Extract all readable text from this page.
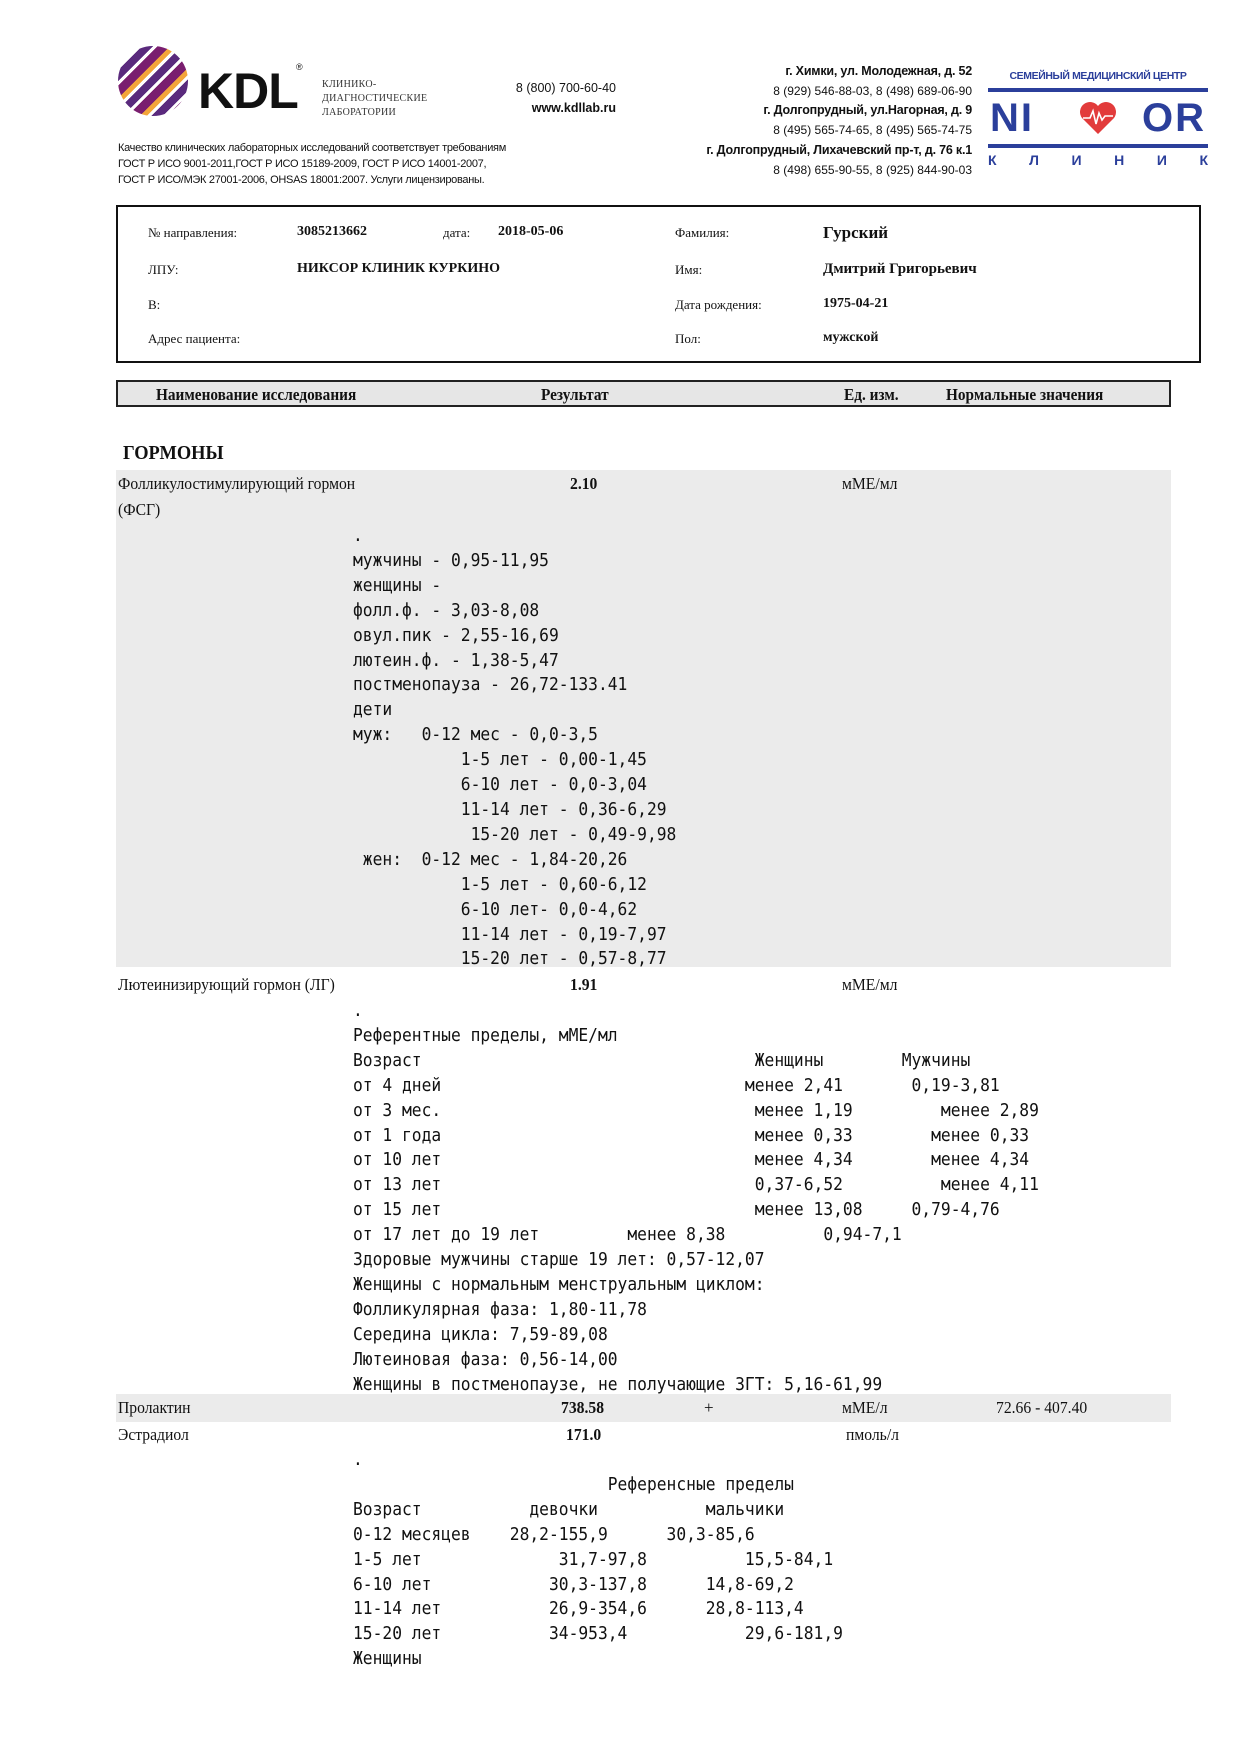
KDL
®
КЛИНИКО-
ДИАГНОСТИЧЕСКИЕ
ЛАБОРАТОРИИ
8 (800) 700-60-40
www.kdllab.ru
Качество клинических лабораторных исследований соответствует требованиям
ГОСТ Р ИСО 9001-2011,ГОСТ Р ИСО 15189-2009, ГОСТ Р ИСО 14001-2007,
ГОСТ Р ИСО/МЭК 27001-2006, OHSAS 18001:2007. Услуги лицензированы.
г. Химки, ул. Молодежная, д. 52
8 (929) 546-88-03, 8 (498) 689-06-90
г. Долгопрудный, ул.Нагорная, д. 9
8 (495) 565-74-65, 8 (495) 565-74-75
г. Долгопрудный, Лихачевский пр-т, д. 76 к.1
8 (498) 655-90-55, 8 (925) 844-90-03
СЕМЕЙНЫЙ МЕДИЦИНСКИЙ ЦЕНТР
NI	OR
К Л И Н И К
№ направления:	3085213662	дата: 2018-05-06
ЛПУ:	НИКСОР КЛИНИК КУРКИНО
В:
Адрес пациента:
Фамилия:	Гурский
Имя:	Дмитрий Григорьевич
Дата рождения:	1975-04-21
Пол:	мужской
Наименование исследования	Результат	Ед. изм.	Нормальные значения
ГОРМОНЫ
Фолликулостимулирующий гормон
(ФСГ)
2.10	мМЕ/мл
.
мужчины - 0,95-11,95
женщины -
фолл.ф. - 3,03-8,08
овул.пик - 2,55-16,69
лютеин.ф. - 1,38-5,47
постменопауза - 26,72-133.41
дети
муж:   0-12 мес - 0,0-3,5
1-5 лет - 0,00-1,45
6-10 лет - 0,0-3,04
11-14 лет - 0,36-6,29
15-20 лет - 0,49-9,98
жен:  0-12 мес - 1,84-20,26
1-5 лет - 0,60-6,12
6-10 лет- 0,0-4,62
11-14 лет - 0,19-7,97
15-20 лет - 0,57-8,77
Лютеинизирующий гормон (ЛГ)	1.91	мМЕ/мл
.
Референтные пределы, мМЕ/мл
Возраст                                  Женщины        Мужчины
от 4 дней                               менее 2,41       0,19-3,81
от 3 мес.                                менее 1,19         менее 2,89
от 1 года                                менее 0,33        менее 0,33
от 10 лет                                менее 4,34        менее 4,34
от 13 лет                                0,37-6,52          менее 4,11
от 15 лет                                менее 13,08     0,79-4,76
от 17 лет до 19 лет         менее 8,38          0,94-7,1
Здоровые мужчины старше 19 лет: 0,57-12,07
Женщины с нормальным менструальным циклом:
Фолликулярная фаза: 1,80-11,78
Середина цикла: 7,59-89,08
Лютеиновая фаза: 0,56-14,00
Женщины в постменопаузе, не получающие ЗГТ: 5,16-61,99
Пролактин	738.58	+	мМЕ/л	72.66 - 407.40
Эстрадиол	171.0	пмоль/л
.
Референсные пределы
Возраст           девочки           мальчики
0-12 месяцев    28,2-155,9      30,3-85,6
1-5 лет              31,7-97,8          15,5-84,1
6-10 лет            30,3-137,8      14,8-69,2
11-14 лет           26,9-354,6      28,8-113,4
15-20 лет           34-953,4            29,6-181,9
Женщины
